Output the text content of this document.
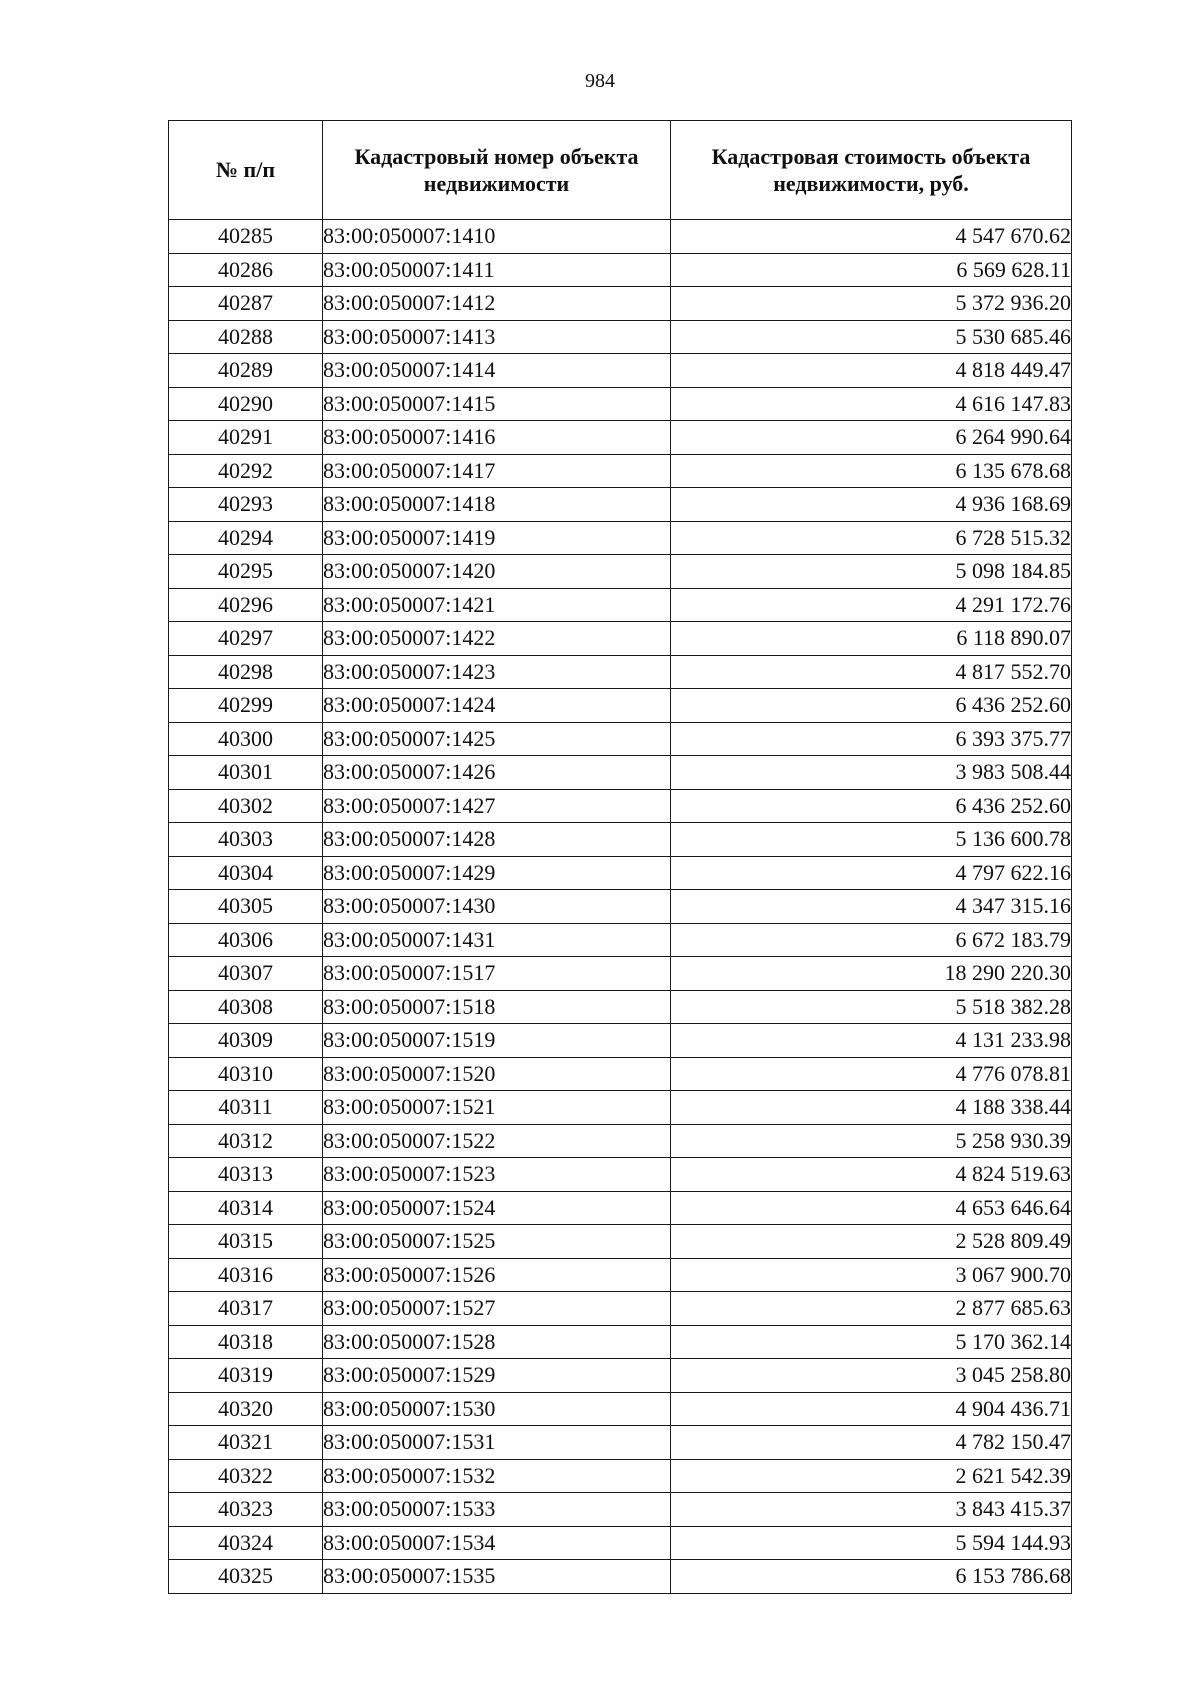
984
№ п/п	Кадастровый номер объекта недвижимости	Кадастровая стоимость объекта недвижимости, руб.
40285	83:00:050007:1410	4 547 670.62
40286	83:00:050007:1411	6 569 628.11
40287	83:00:050007:1412	5 372 936.20
40288	83:00:050007:1413	5 530 685.46
40289	83:00:050007:1414	4 818 449.47
40290	83:00:050007:1415	4 616 147.83
40291	83:00:050007:1416	6 264 990.64
40292	83:00:050007:1417	6 135 678.68
40293	83:00:050007:1418	4 936 168.69
40294	83:00:050007:1419	6 728 515.32
40295	83:00:050007:1420	5 098 184.85
40296	83:00:050007:1421	4 291 172.76
40297	83:00:050007:1422	6 118 890.07
40298	83:00:050007:1423	4 817 552.70
40299	83:00:050007:1424	6 436 252.60
40300	83:00:050007:1425	6 393 375.77
40301	83:00:050007:1426	3 983 508.44
40302	83:00:050007:1427	6 436 252.60
40303	83:00:050007:1428	5 136 600.78
40304	83:00:050007:1429	4 797 622.16
40305	83:00:050007:1430	4 347 315.16
40306	83:00:050007:1431	6 672 183.79
40307	83:00:050007:1517	18 290 220.30
40308	83:00:050007:1518	5 518 382.28
40309	83:00:050007:1519	4 131 233.98
40310	83:00:050007:1520	4 776 078.81
40311	83:00:050007:1521	4 188 338.44
40312	83:00:050007:1522	5 258 930.39
40313	83:00:050007:1523	4 824 519.63
40314	83:00:050007:1524	4 653 646.64
40315	83:00:050007:1525	2 528 809.49
40316	83:00:050007:1526	3 067 900.70
40317	83:00:050007:1527	2 877 685.63
40318	83:00:050007:1528	5 170 362.14
40319	83:00:050007:1529	3 045 258.80
40320	83:00:050007:1530	4 904 436.71
40321	83:00:050007:1531	4 782 150.47
40322	83:00:050007:1532	2 621 542.39
40323	83:00:050007:1533	3 843 415.37
40324	83:00:050007:1534	5 594 144.93
40325	83:00:050007:1535	6 153 786.68
